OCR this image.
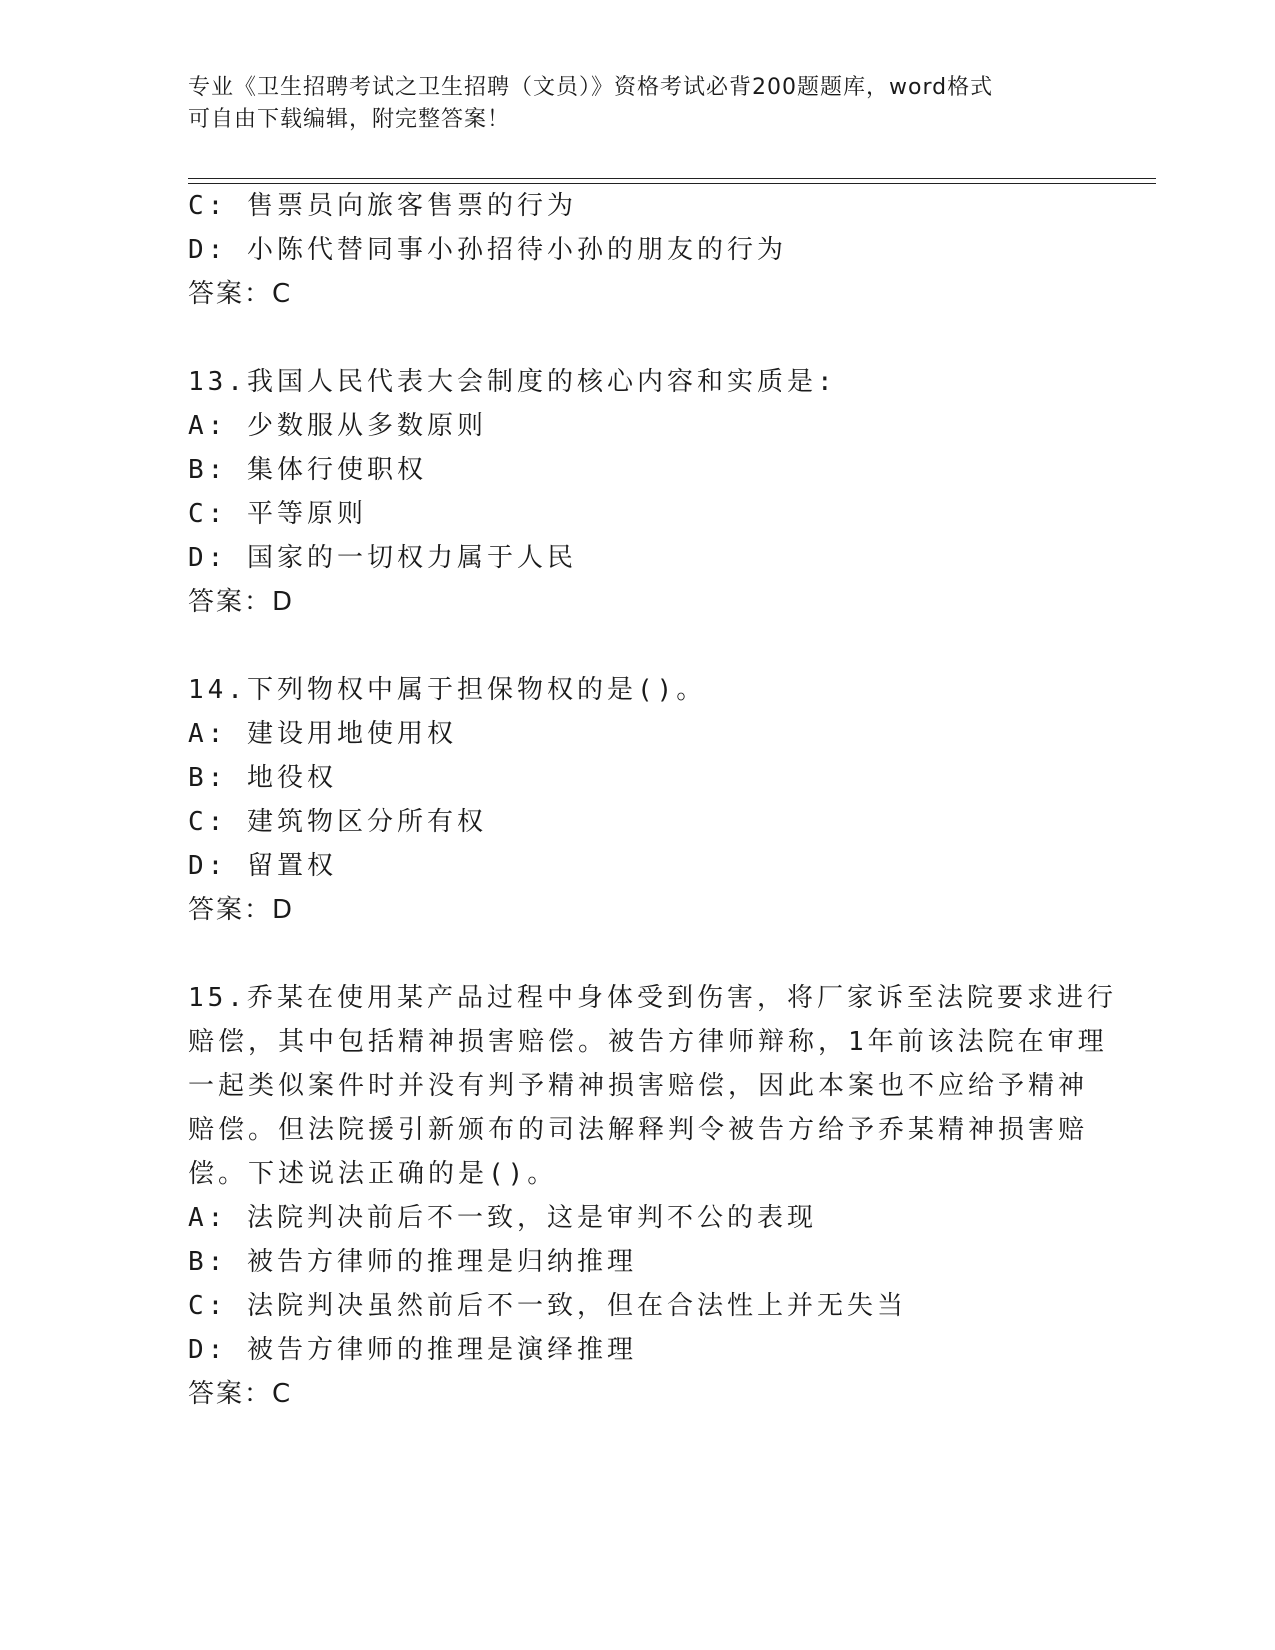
专业《卫生招聘考试之卫生招聘（文员）》资格考试必背200题题库，word格式
可自由下载编辑，附完整答案！
C: 售票员向旅客售票的行为
D: 小陈代替同事小孙招待小孙的朋友的行为
答案：C
13.我国人民代表大会制度的核心内容和实质是:
A: 少数服从多数原则
B: 集体行使职权
C: 平等原则
D: 国家的一切权力属于人民
答案：D
14.下列物权中属于担保物权的是()。
A: 建设用地使用权
B: 地役权
C: 建筑物区分所有权
D: 留置权
答案：D
15.乔某在使用某产品过程中身体受到伤害，将厂家诉至法院要求进行
赔偿，其中包括精神损害赔偿。被告方律师辩称，1年前该法院在审理
一起类似案件时并没有判予精神损害赔偿，因此本案也不应给予精神
赔偿。但法院援引新颁布的司法解释判令被告方给予乔某精神损害赔
偿。下述说法正确的是()。
A: 法院判决前后不一致，这是审判不公的表现
B: 被告方律师的推理是归纳推理
C: 法院判决虽然前后不一致，但在合法性上并无失当
D: 被告方律师的推理是演绎推理
答案：C
